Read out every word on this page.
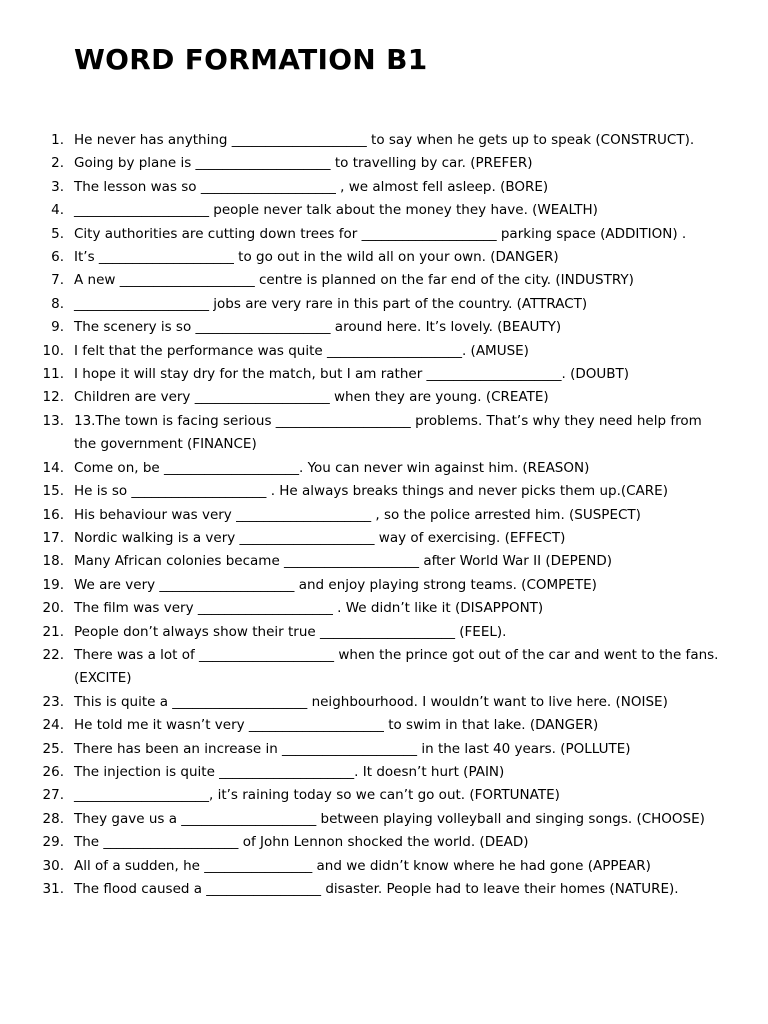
WORD FORMATION B1
1. He never has anything ____________________ to say when he gets up to speak (CONSTRUCT).
2. Going by plane is ____________________ to travelling by car. (PREFER)
3. The lesson was so ____________________ , we almost fell asleep. (BORE)
4. ____________________ people never talk about the money they have. (WEALTH)
5. City authorities are cutting down trees for ____________________ parking space (ADDITION) .
6. It’s ____________________ to go out in the wild all on your own. (DANGER)
7. A new ____________________ centre is planned on the far end of the city. (INDUSTRY)
8. ____________________ jobs are very rare in this part of the country. (ATTRACT)
9. The scenery is so ____________________ around here. It’s lovely. (BEAUTY)
10. I felt that the performance was quite ____________________. (AMUSE)
11. I hope it will stay dry for the match, but I am rather ____________________. (DOUBT)
12. Children are very ____________________ when they are young. (CREATE)
13. 13.The town is facing serious ____________________ problems. That’s why they need help from the government (FINANCE)
14. Come on, be ____________________. You can never win against him. (REASON)
15. He is so ____________________ . He always breaks things and never picks them up.(CARE)
16. His behaviour was very ____________________ , so the police arrested him. (SUSPECT)
17. Nordic walking is a very ____________________ way of exercising. (EFFECT)
18. Many African colonies became ____________________ after World War II (DEPEND)
19. We are very ____________________ and enjoy playing strong teams. (COMPETE)
20. The film was very ____________________ . We didn’t like it (DISAPPONT)
21. People don’t always show their true ____________________ (FEEL).
22. There was a lot of ____________________ when the prince got out of the car and went to the fans. (EXCITE)
23. This is quite a ____________________ neighbourhood. I wouldn’t want to live here. (NOISE)
24. He told me it wasn’t very ____________________ to swim in that lake. (DANGER)
25. There has been an increase in ____________________ in the last 40 years. (POLLUTE)
26. The injection is quite ____________________. It doesn’t hurt (PAIN)
27. ____________________, it’s raining today so we can’t go out. (FORTUNATE)
28. They gave us a ____________________ between playing volleyball and singing songs. (CHOOSE)
29. The ____________________ of John Lennon shocked the world. (DEAD)
30. All of a sudden, he ________________ and we didn’t know where he had gone (APPEAR)
31. The flood caused a _________________ disaster. People had to leave their homes (NATURE).
